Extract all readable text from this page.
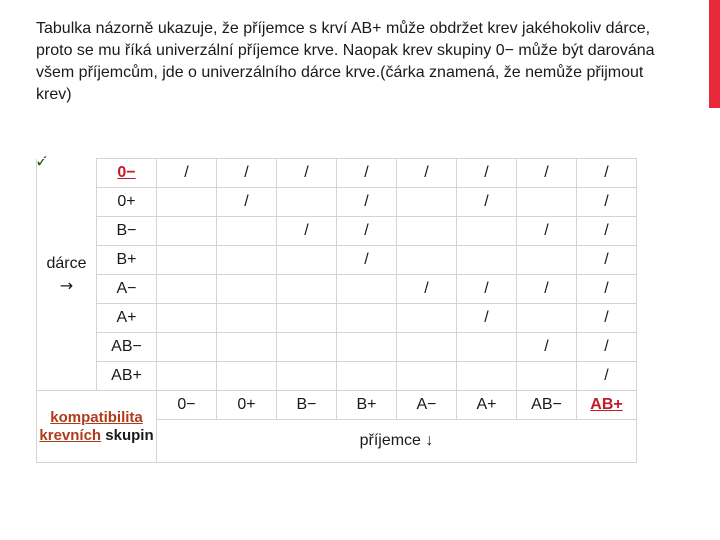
Tabulka názorně ukazuje, že příjemce s krví AB+ může obdržet krev jakéhokoliv dárce, proto se mu říká univerzální příjemce krve. Naopak krev skupiny 0− může být darována všem příjemcům, jde o univerzálního dárce krve.(čárka znamená, že nemůže přijmout krev)
✓
dárce
→	0−	/	/	/	/	/	/	/	/
	0+		/		/		/		/
	B−			/	/			/	/
	B+				/				/
	A−					/	/	/	/
	A+						/		/
	AB−							/	/
	AB+								/
kompatibilita krevních skupin		0−	0+	B−	B+	A−	A+	AB−	AB+
		příjemce ↓							
